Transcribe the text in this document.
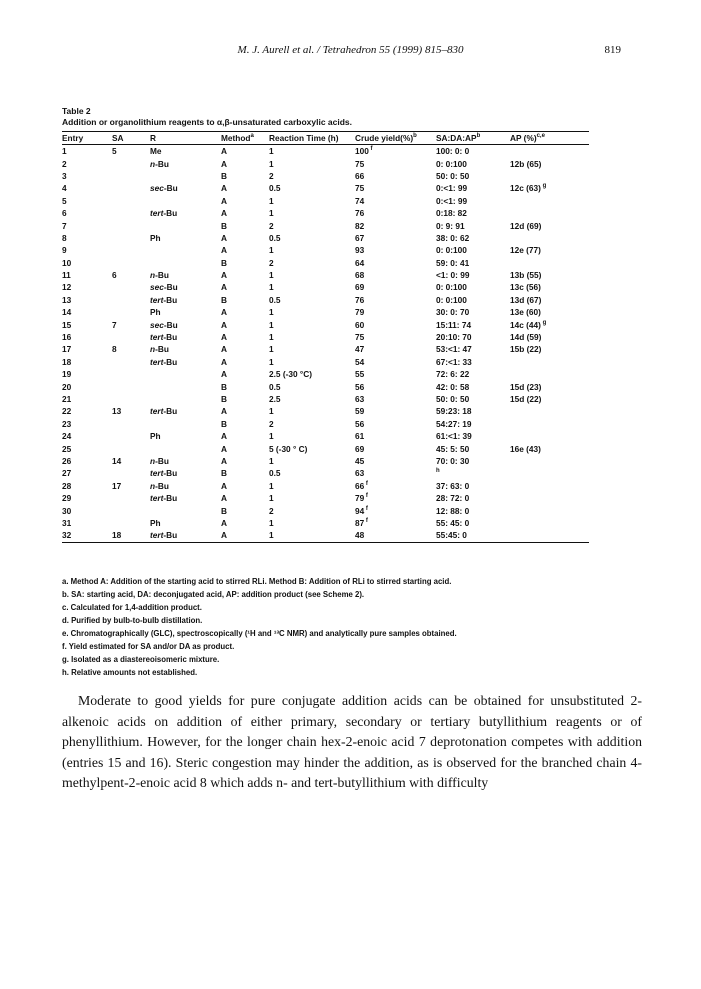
M. J. Aurell et al. / Tetrahedron 55 (1999) 815–830	819
Table 2
Addition or organolithium reagents to α,β-unsaturated carboxylic acids.
Entry	SA	R	Method$^a$	Reaction Time (h)	Crude yield(%)$^b$	$SA:DA:AP^b$	AP (%)$^{c,e}$
1	5	Me	A	1	100 $^f$	100: 0: 0	
2		n-Bu	A	1	75	0: 0:100	12b (65)
3			B	2	66	50: 0: 50	
4		sec-Bu	A	0.5	75	0:<1: 99	12c (63) $^g$
5			A	1	74	0:<1: 99	
6		tert-Bu	A	1	76	0:18: 82	
7			B	2	82	0: 9: 91	12d (69)
8		Ph	A	0.5	67	38: 0: 62	
9			A	1	93	0: 0:100	12e (77)
10			B	2	64	59: 0: 41	
11	6	n-Bu	A	1	68	<1: 0: 99	13b (55)
12		sec-Bu	A	1	69	0: 0:100	13c (56)
13		tert-Bu	B	0.5	76	0: 0:100	13d (67)
14		Ph	A	1	79	30: 0: 70	13e (60)
15	7	sec-Bu	A	1	60	15:11: 74	14c (44) $^g$
16		tert-Bu	A	1	75	20:10: 70	14d (59)
17	8	n-Bu	A	1	47	53:<1: 47	15b (22)
18		tert-Bu	A	1	54	67:<1: 33	
19			A	2.5 (-30 °C)	55	72: 6: 22	
20			B	0.5	56	42: 0: 58	15d (23)
21			B	2.5	63	50: 0: 50	15d (22)
22	13	tert-Bu	A	1	59	59:23: 18	
23			B	2	56	54:27: 19	
24		Ph	A	1	61	61:<1: 39	
25			A	5 (-30 ° C)	69	45: 5: 50	16e (43)
26	14	n-Bu	A	1	45	70: 0: 30	
27		tert-Bu	B	0.5	63	$^h$	
28	17	n-Bu	A	1	66 $^f$	37: 63: 0	
29		tert-Bu	A	1	79 $^f$	28: 72: 0	
30			B	2	94 $^f$	12: 88: 0	
31		Ph	A	1	87 $^f$	55: 45: 0	
32	18	tert-Bu	A	1	48	55:45: 0	
a. Method A: Addition of the starting acid to stirred RLi. Method B: Addition of RLi to stirred starting acid.
b. SA: starting acid, DA: deconjugated acid, AP: addition product (see Scheme 2).
c. Calculated for 1,4-addition product.
d. Purified by bulb-to-bulb distillation.
e. Chromatographically (GLC), spectroscopically (¹H and ¹³C NMR) and analytically pure samples obtained.
f. Yield estimated for SA and/or DA as product.
g. Isolated as a diastereoisomeric mixture.
h. Relative amounts not established.

Moderate to good yields for pure conjugate addition acids can be obtained for unsubstituted 2-alkenoic acids on addition of either primary, secondary or tertiary butyllithium reagents or of phenyllithium. However, for the longer chain hex-2-enoic acid 7 deprotonation competes with addition (entries 15 and 16). Steric congestion may hinder the addition, as is observed for the branched chain 4-methylpent-2-enoic acid 8 which adds n- and tert-butyllithium with difficulty
